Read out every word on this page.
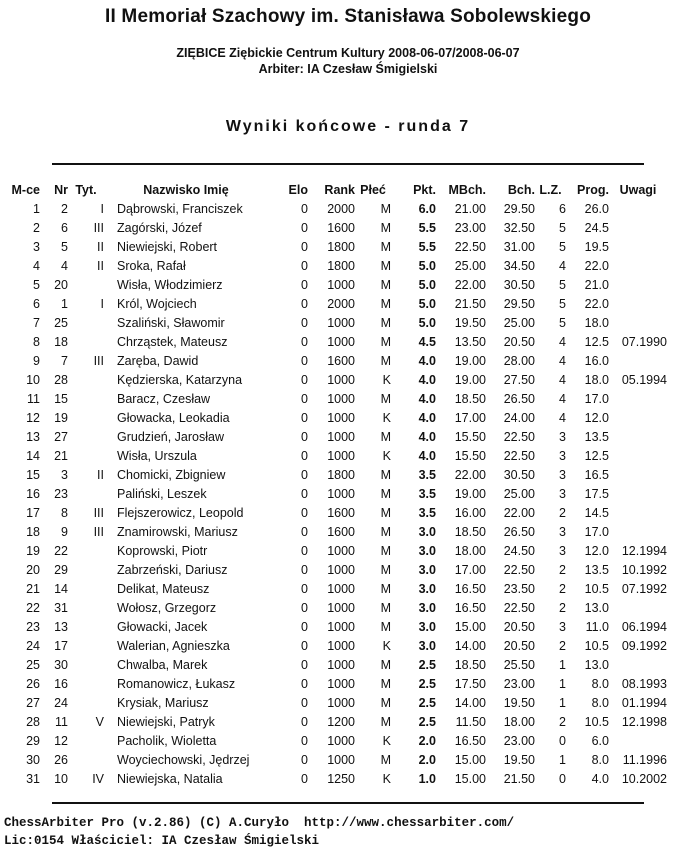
II Memoriał Szachowy im. Stanisława Sobolewskiego
ZIĘBICE Ziębickie Centrum Kultury 2008-06-07/2008-06-07
Arbiter: IA Czesław Śmigielski
Wyniki końcowe - runda 7
M-ce	Nr	Tyt.	Nazwisko Imię	Elo	Rank	Płeć	Pkt.	MBch.	Bch.	L.Z.	Prog.	Uwagi
1	2	I	Dąbrowski, Franciszek	0	2000	M	6.0	21.00	29.50	6	26.0	
2	6	III	Zagórski, Józef	0	1600	M	5.5	23.00	32.50	5	24.5	
3	5	II	Niewiejski, Robert	0	1800	M	5.5	22.50	31.00	5	19.5	
4	4	II	Sroka, Rafał	0	1800	M	5.0	25.00	34.50	4	22.0	
5	20		Wisła, Włodzimierz	0	1000	M	5.0	22.00	30.50	5	21.0	
6	1	I	Król, Wojciech	0	2000	M	5.0	21.50	29.50	5	22.0	
7	25		Szaliński, Sławomir	0	1000	M	5.0	19.50	25.00	5	18.0	
8	18		Chrząstek, Mateusz	0	1000	M	4.5	13.50	20.50	4	12.5	07.1990
9	7	III	Zaręba, Dawid	0	1600	M	4.0	19.00	28.00	4	16.0	
10	28		Kędzierska, Katarzyna	0	1000	K	4.0	19.00	27.50	4	18.0	05.1994
11	15		Baracz, Czesław	0	1000	M	4.0	18.50	26.50	4	17.0	
12	19		Głowacka, Leokadia	0	1000	K	4.0	17.00	24.00	4	12.0	
13	27		Grudzień, Jarosław	0	1000	M	4.0	15.50	22.50	3	13.5	
14	21		Wisła, Urszula	0	1000	K	4.0	15.50	22.50	3	12.5	
15	3	II	Chomicki, Zbigniew	0	1800	M	3.5	22.00	30.50	3	16.5	
16	23		Paliński, Leszek	0	1000	M	3.5	19.00	25.00	3	17.5	
17	8	III	Flejszerowicz, Leopold	0	1600	M	3.5	16.00	22.00	2	14.5	
18	9	III	Znamirowski, Mariusz	0	1600	M	3.0	18.50	26.50	3	17.0	
19	22		Koprowski, Piotr	0	1000	M	3.0	18.00	24.50	3	12.0	12.1994
20	29		Zabrzeński, Dariusz	0	1000	M	3.0	17.00	22.50	2	13.5	10.1992
21	14		Delikat, Mateusz	0	1000	M	3.0	16.50	23.50	2	10.5	07.1992
22	31		Wołosz, Grzegorz	0	1000	M	3.0	16.50	22.50	2	13.0	
23	13		Głowacki, Jacek	0	1000	M	3.0	15.00	20.50	3	11.0	06.1994
24	17		Walerian, Agnieszka	0	1000	K	3.0	14.00	20.50	2	10.5	09.1992
25	30		Chwalba, Marek	0	1000	M	2.5	18.50	25.50	1	13.0	
26	16		Romanowicz, Łukasz	0	1000	M	2.5	17.50	23.00	1	8.0	08.1993
27	24		Krysiak, Mariusz	0	1000	M	2.5	14.00	19.50	1	8.0	01.1994
28	11	V	Niewiejski, Patryk	0	1200	M	2.5	11.50	18.00	2	10.5	12.1998
29	12		Pacholik, Wioletta	0	1000	K	2.0	16.50	23.00	0	6.0	
30	26		Woyciechowski, Jędrzej	0	1000	M	2.0	15.00	19.50	1	8.0	11.1996
31	10	IV	Niewiejska, Natalia	0	1250	K	1.0	15.00	21.50	0	4.0	10.2002
ChessArbiter Pro (v.2.86) (C) A.Curyło  http://www.chessarbiter.com/
Lic:0154 Właściciel: IA Czesław Śmigielski
